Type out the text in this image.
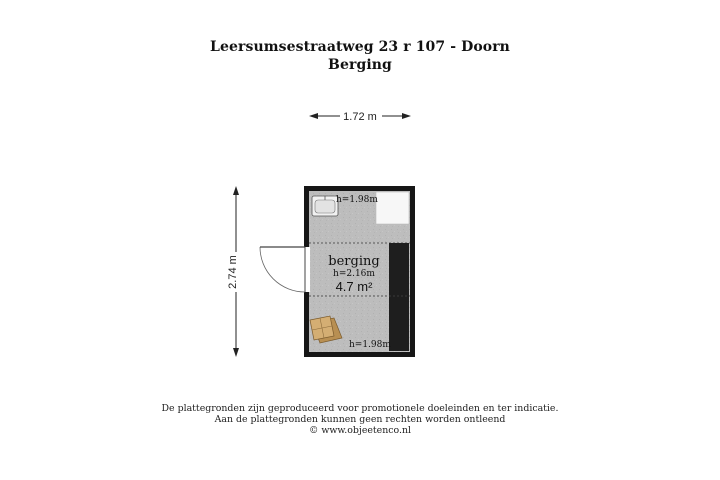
Leersumsestraatweg 23 r 107 - Doorn
Berging
1.72 m
2.74 m
h=1.98m
berging
h=2.16m
4.7 m²
h=1.98m
De plattegronden zijn geproduceerd voor promotionele doeleinden en ter indicatie.
Aan de plattegronden kunnen geen rechten worden ontleend
© www.objeetenco.nl
